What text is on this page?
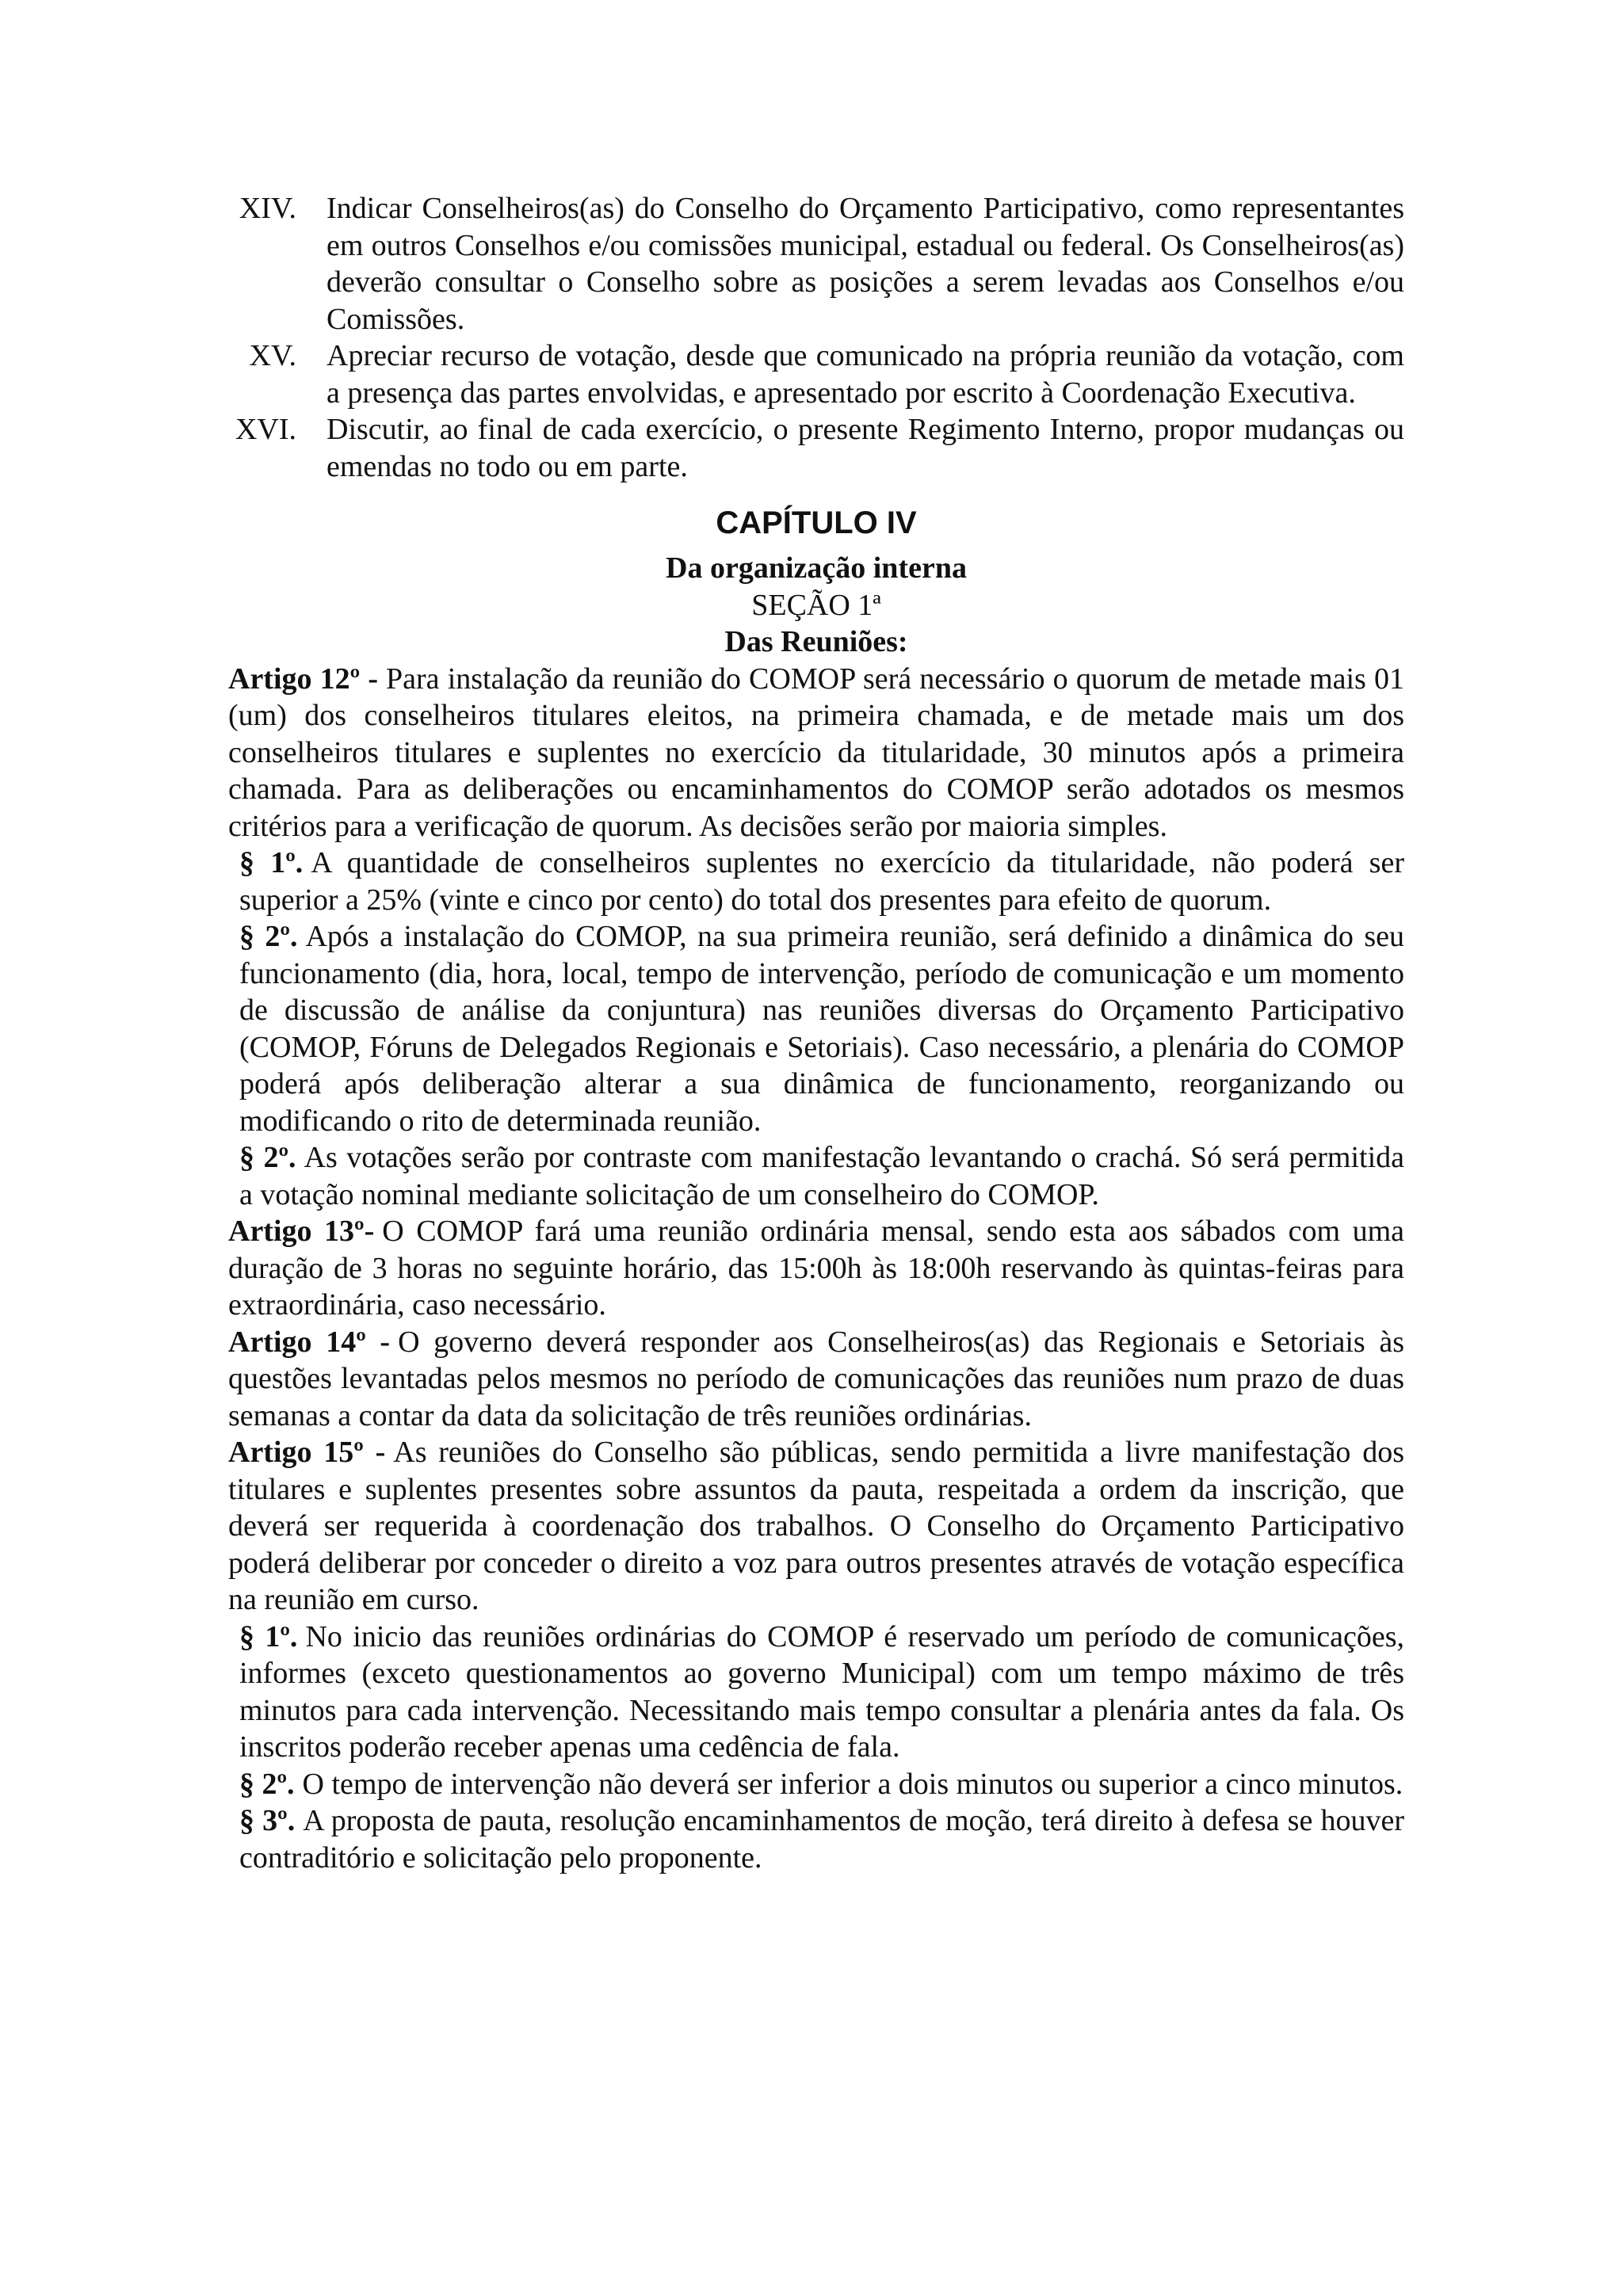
XIV. Indicar Conselheiros(as) do Conselho do Orçamento Participativo, como representantes em outros Conselhos e/ou comissões municipal, estadual ou federal. Os Conselheiros(as) deverão consultar o Conselho sobre as posições a serem levadas aos Conselhos e/ou Comissões.
XV. Apreciar recurso de votação, desde que comunicado na própria reunião da votação, com a presença das partes envolvidas, e apresentado por escrito à Coordenação Executiva.
XVI. Discutir, ao final de cada exercício, o presente Regimento Interno, propor mudanças ou emendas no todo ou em parte.
CAPÍTULO IV
Da organização interna
SEÇÃO 1ª
Das Reuniões:
Artigo 12º - Para instalação da reunião do COMOP será necessário o quorum de metade mais 01 (um) dos conselheiros titulares eleitos, na primeira chamada, e de metade mais um dos conselheiros titulares e suplentes no exercício da titularidade, 30 minutos após a primeira chamada. Para as deliberações ou encaminhamentos do COMOP serão adotados os mesmos critérios para a verificação de quorum. As decisões serão por maioria simples.
§ 1º. A quantidade de conselheiros suplentes no exercício da titularidade, não poderá ser superior a 25% (vinte e cinco por cento) do total dos presentes para efeito de quorum.
§ 2º. Após a instalação do COMOP, na sua primeira reunião, será definido a dinâmica do seu funcionamento (dia, hora, local, tempo de intervenção, período de comunicação e um momento de discussão de análise da conjuntura) nas reuniões diversas do Orçamento Participativo (COMOP, Fóruns de Delegados Regionais e Setoriais). Caso necessário, a plenária do COMOP poderá após deliberação alterar a sua dinâmica de funcionamento, reorganizando ou modificando o rito de determinada reunião.
§ 2º. As votações serão por contraste com manifestação levantando o crachá. Só será permitida a votação nominal mediante solicitação de um conselheiro do COMOP.
Artigo 13º- O COMOP fará uma reunião ordinária mensal, sendo esta aos sábados com uma duração de 3 horas no seguinte horário, das 15:00h às 18:00h reservando às quintas-feiras para extraordinária, caso necessário.
Artigo 14º - O governo deverá responder aos Conselheiros(as) das Regionais e Setoriais às questões levantadas pelos mesmos no período de comunicações das reuniões num prazo de duas semanas a contar da data da solicitação de três reuniões ordinárias.
Artigo 15º - As reuniões do Conselho são públicas, sendo permitida a livre manifestação dos titulares e suplentes presentes sobre assuntos da pauta, respeitada a ordem da inscrição, que deverá ser requerida à coordenação dos trabalhos. O Conselho do Orçamento Participativo poderá deliberar por conceder o direito a voz para outros presentes através de votação específica na reunião em curso.
§ 1º. No inicio das reuniões ordinárias do COMOP é reservado um período de comunicações, informes (exceto questionamentos ao governo Municipal) com um tempo máximo de três minutos para cada intervenção. Necessitando mais tempo consultar a plenária antes da fala. Os inscritos poderão receber apenas uma cedência de fala.
§ 2º. O tempo de intervenção não deverá ser inferior a dois minutos ou superior a cinco minutos.
§ 3º. A proposta de pauta, resolução encaminhamentos de moção, terá direito à defesa se houver contraditório e solicitação pelo proponente.
